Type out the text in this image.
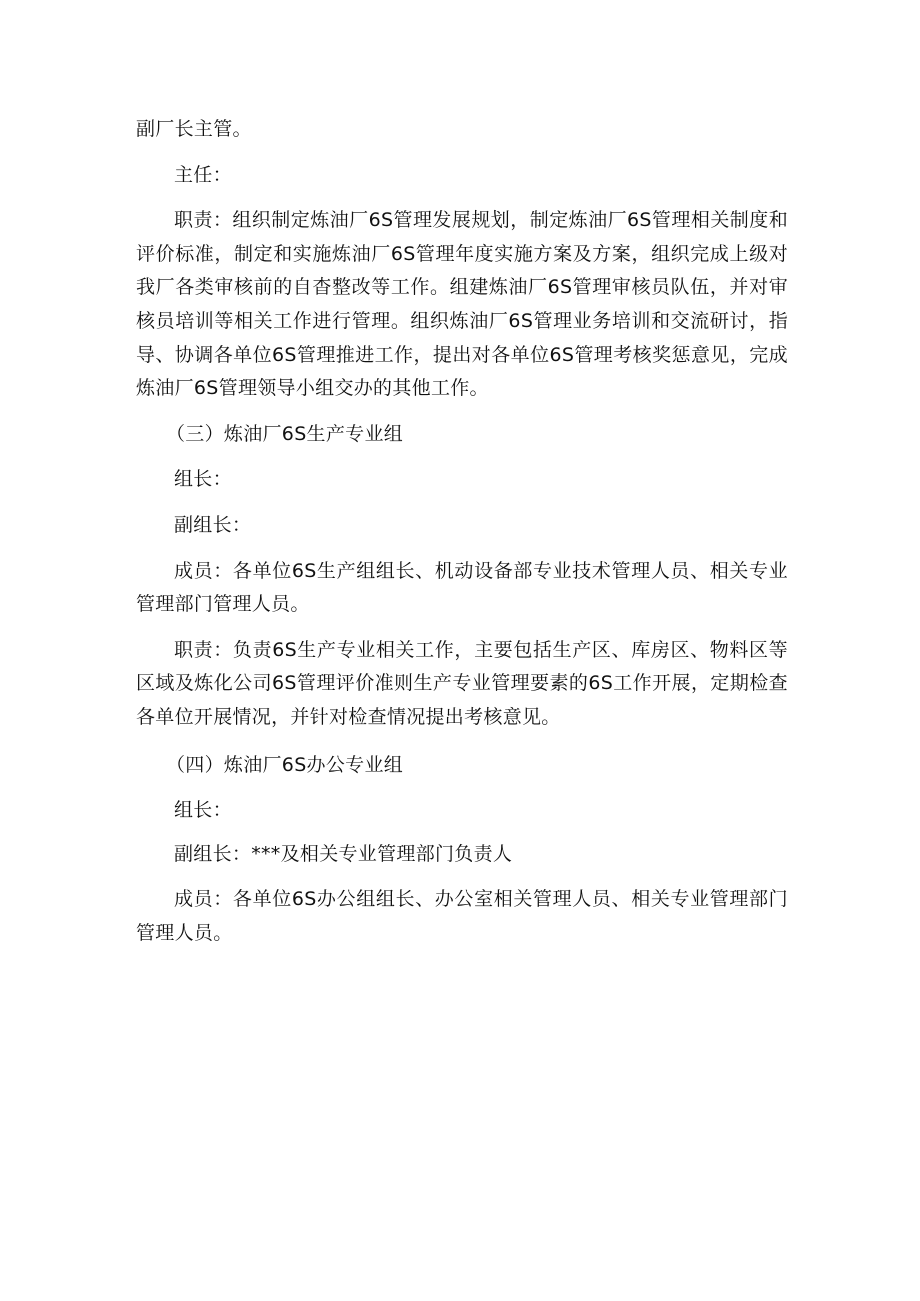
副厂长主管。

主任：

职责：组织制定炼油厂6S管理发展规划，制定炼油厂6S管理相关制度和评价标准，制定和实施炼油厂6S管理年度实施方案及方案，组织完成上级对我厂各类审核前的自杳整改等工作。组建炼油厂6S管理审核员队伍，并对审核员培训等相关工作进行管理。组织炼油厂6S管理业务培训和交流研讨，指导、协调各单位6S管理推进工作，提出对各单位6S管理考核奖惩意见，完成炼油厂6S管理领导小组交办的其他工作。

（三）炼油厂6S生产专业组

组长：

副组长：

成员：各单位6S生产组组长、机动设备部专业技术管理人员、相关专业管理部门管理人员。

职责：负责6S生产专业相关工作，主要包括生产区、库房区、物料区等区域及炼化公司6S管理评价准则生产专业管理要素的6S工作开展，定期检查各单位开展情况，并针对检查情况提出考核意见。

（四）炼油厂6S办公专业组

组长：

副组长：***及相关专业管理部门负责人

成员：各单位6S办公组组长、办公室相关管理人员、相关专业管理部门管理人员。
